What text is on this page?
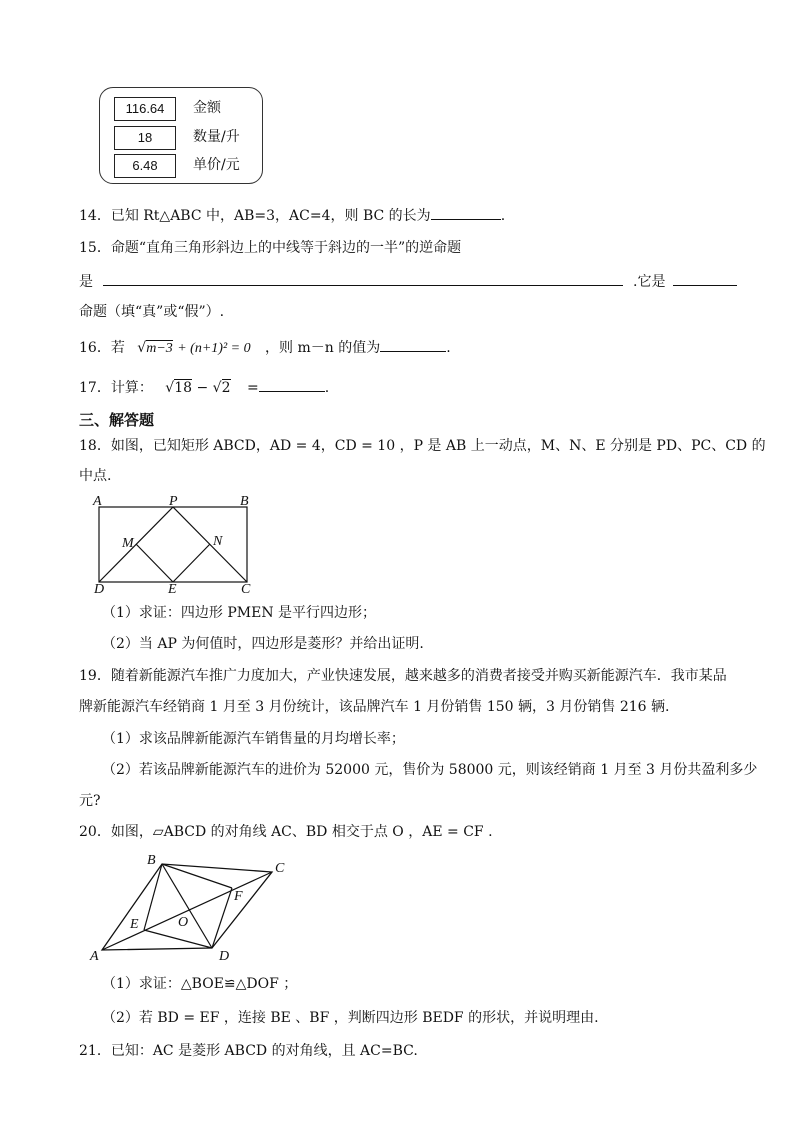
116.64	金额
18	数量/升
6.48	单价/元
14．已知 Rt△ABC 中，AB=3，AC=4，则 BC 的长为	.
15．命题“直角三角形斜边上的中线等于斜边的一半”的逆命题
是	.它是
命题（填“真”或“假”）.
16．若 √m−3 + (n+1)² = 0 ，则 m－n 的值为	.
17．计算： √18 − √2 =	.
三、解答题
18．如图，已知矩形 ABCD，AD = 4，CD = 10 ，P 是 AB 上一动点，M、N、E 分别是 PD、PC、CD 的
中点.
A	P	B
M	N
D	E	C
（1）求证：四边形 PMEN 是平行四边形；
（2）当 AP 为何值时，四边形是菱形？并给出证明.
19．随着新能源汽车推广力度加大，产业快速发展，越来越多的消费者接受并购买新能源汽车．我市某品
牌新能源汽车经销商 1 月至 3 月份统计，该品牌汽车 1 月份销售 150 辆，3 月份销售 216 辆.
（1）求该品牌新能源汽车销售量的月均增长率；
（2）若该品牌新能源汽车的进价为 52000 元，售价为 58000 元，则该经销商 1 月至 3 月份共盈利多少
元?
20．如图，▱ABCD 的对角线 AC、BD 相交于点 O ，AE = CF .
A
B
C
D
E
F
O
（1）求证：△BOE≌△DOF ；
（2）若 BD = EF ，连接 BE 、BF ，判断四边形 BEDF 的形状，并说明理由.
21．已知：AC 是菱形 ABCD 的对角线，且 AC=BC.
